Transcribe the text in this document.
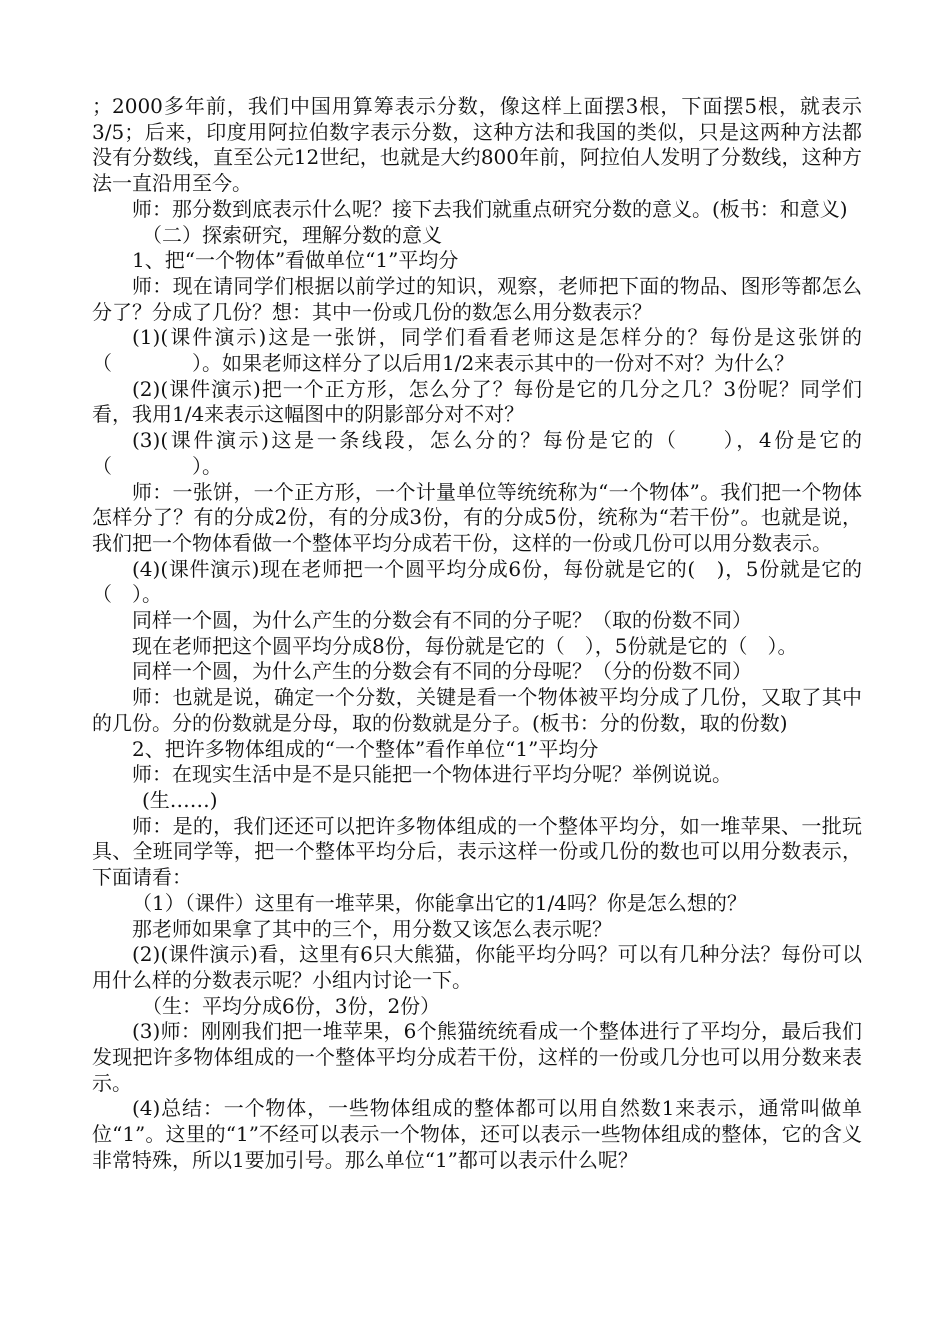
；2000多年前，我们中国用算筹表示分数，像这样上面摆3根，下面摆5根，就表示　3/5；后来，印度用阿拉伯数字表示分数，这种方法和我国的类似，只是这两种方法都没有分数线，直至公元12世纪，也就是大约800年前，阿拉伯人发明了分数线，这种方法一直沿用至今。

师：那分数到底表示什么呢？接下去我们就重点研究分数的意义。(板书：和意义)

（二）探索研究，理解分数的意义

1、把“一个物体”看做单位“1”平均分

师：现在请同学们根据以前学过的知识，观察，老师把下面的物品、图形等都怎么分了？分成了几份？想：其中一份或几份的数怎么用分数表示？

(1)(课件演示)这是一张饼，同学们看看老师这是怎样分的？每份是这张饼的（　　　　）。如果老师这样分了以后用1/2来表示其中的一份对不对？为什么？

(2)(课件演示)把一个正方形，怎么分了？每份是它的几分之几？3份呢？同学们看，我用1/4来表示这幅图中的阴影部分对不对？

(3)(课件演示)这是一条线段，怎么分的？每份是它的（　　），4份是它的（　　　　）。

师：一张饼，一个正方形，一个计量单位等统统称为“一个物体”。我们把一个物体怎样分了？有的分成2份，有的分成3份，有的分成5份，统称为“若干份”。也就是说，我们把一个物体看做一个整体平均分成若干份，这样的一份或几份可以用分数表示。

(4)(课件演示)现在老师把一个圆平均分成6份，每份就是它的(　)，5份就是它的（　）。

同样一个圆，为什么产生的分数会有不同的分子呢？（取的份数不同）

现在老师把这个圆平均分成8份，每份就是它的（　），5份就是它的（　）。

同样一个圆，为什么产生的分数会有不同的分母呢？（分的份数不同）

师：也就是说，确定一个分数，关键是看一个物体被平均分成了几份，又取了其中的几份。分的份数就是分母，取的份数就是分子。(板书：分的份数，取的份数)

2、把许多物体组成的“一个整体”看作单位“1”平均分

师：在现实生活中是不是只能把一个物体进行平均分呢？举例说说。

(生……)

师：是的，我们还还可以把许多物体组成的一个整体平均分，如一堆苹果、一批玩具、全班同学等，把一个整体平均分后，表示这样一份或几份的数也可以用分数表示，下面请看：

（1）（课件）这里有一堆苹果，你能拿出它的1/4吗？你是怎么想的？

那老师如果拿了其中的三个，用分数又该怎么表示呢？

(2)(课件演示)看，这里有6只大熊猫，你能平均分吗？可以有几种分法？每份可以用什么样的分数表示呢？小组内讨论一下。

（生：平均分成6份，3份，2份）

(3)师：刚刚我们把一堆苹果，6个熊猫统统看成一个整体进行了平均分，最后我们发现把许多物体组成的一个整体平均分成若干份，这样的一份或几分也可以用分数来表示。

(4)总结：一个物体，一些物体组成的整体都可以用自然数1来表示，通常叫做单位“1”。这里的“1”不经可以表示一个物体，还可以表示一些物体组成的整体，它的含义非常特殊，所以1要加引号。那么单位“1”都可以表示什么呢？
